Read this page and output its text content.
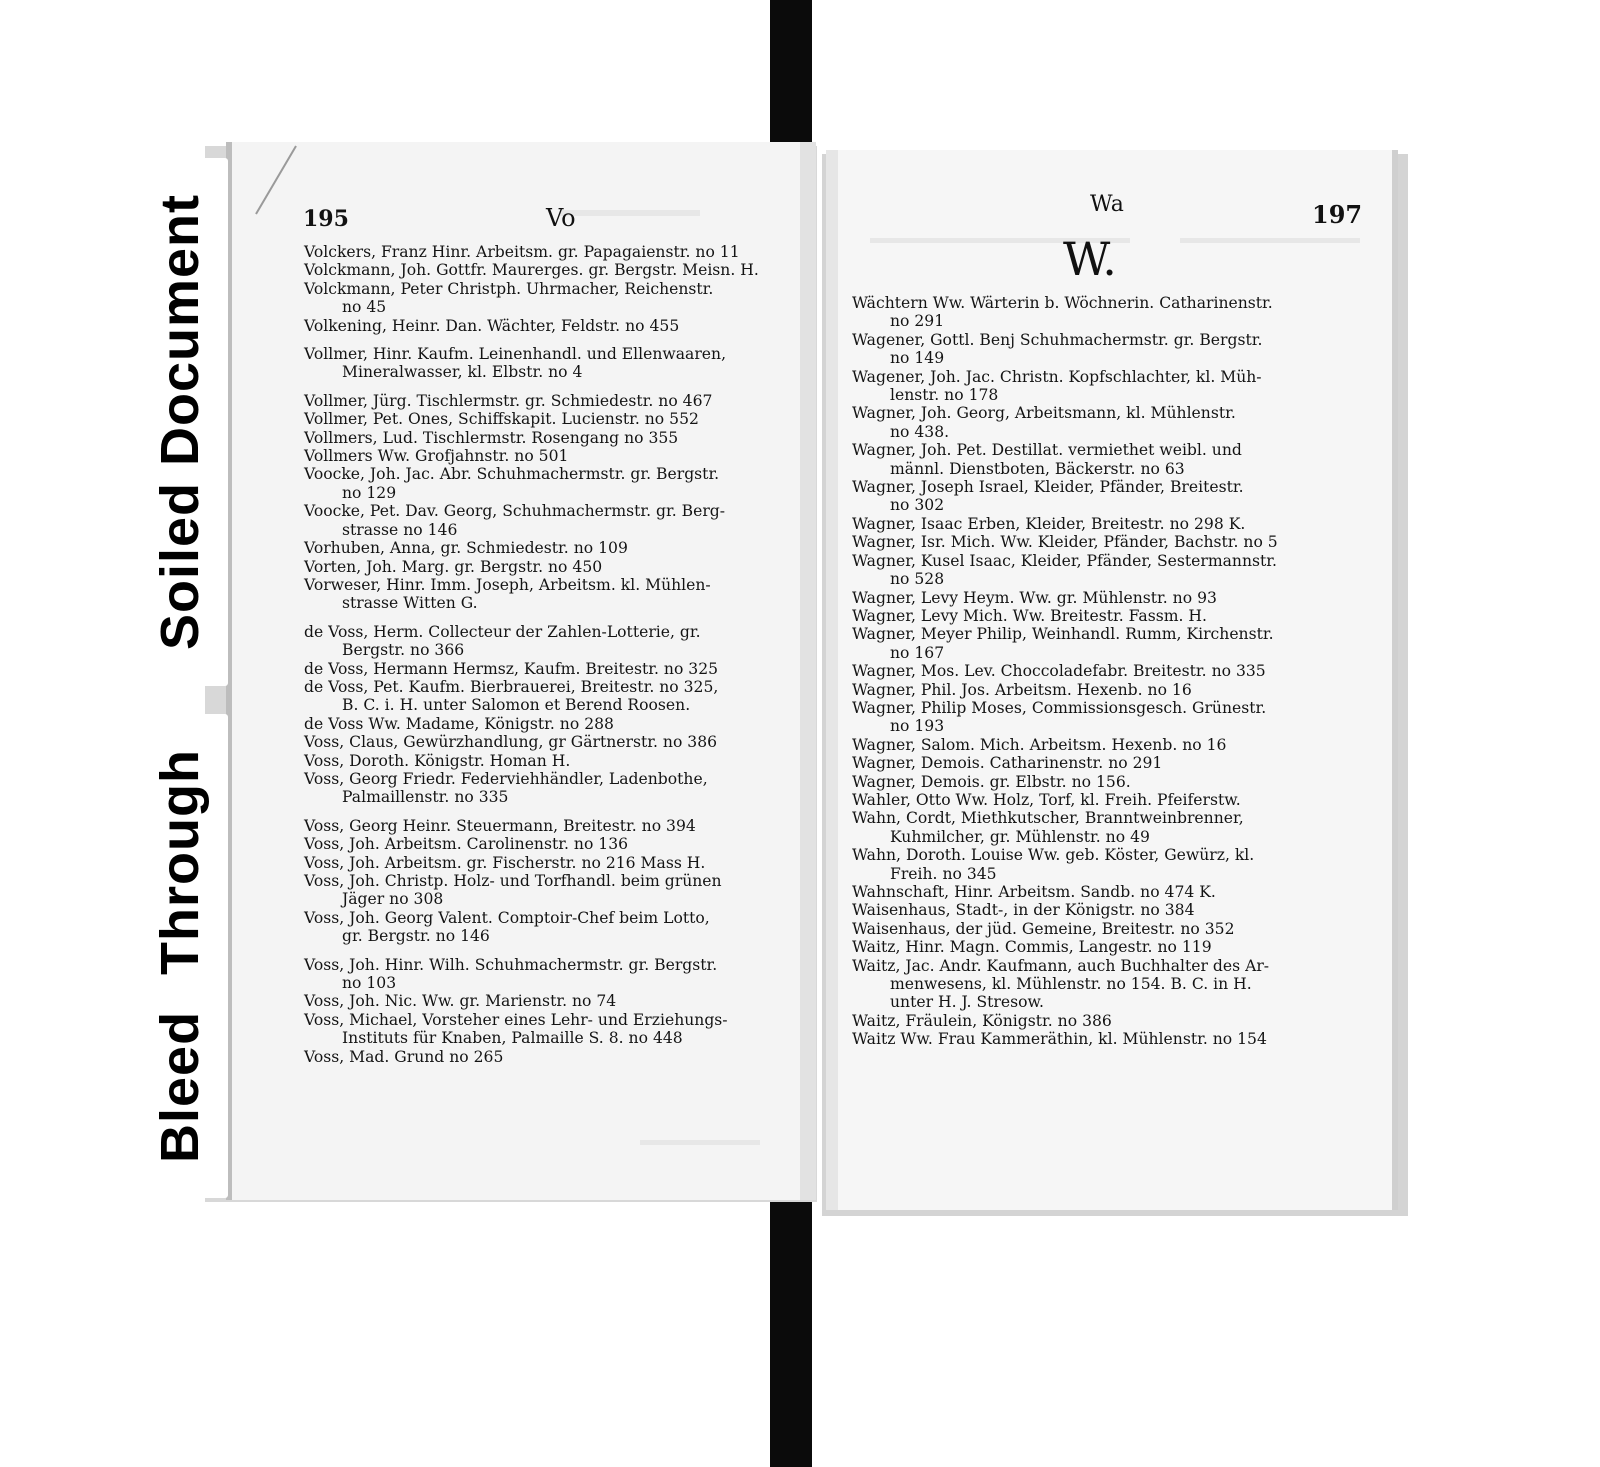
Soiled Document
Bleed Through
195	Vo	Wa	197
W.
Volckers, Franz Hinr. Arbeitsm. gr. Papagaienstr. no 11
Volckmann, Joh. Gottfr. Maurerges. gr. Bergstr. Meisn. H.
Volckmann, Peter Christph. Uhrmacher, Reichenstr.
no 45
Volkening, Heinr. Dan. Wächter, Feldstr. no 455
Vollmer, Hinr. Kaufm. Leinenhandl. und Ellenwaaren,
Mineralwasser, kl. Elbstr. no 4
Vollmer, Jürg. Tischlermstr. gr. Schmiedestr. no 467
Vollmer, Pet. Ones, Schiffskapit. Lucienstr. no 552
Vollmers, Lud. Tischlermstr. Rosengang no 355
Vollmers Ww. Grofjahnstr. no 501
Voocke, Joh. Jac. Abr. Schuhmachermstr. gr. Bergstr.
no 129
Voocke, Pet. Dav. Georg, Schuhmachermstr. gr. Berg-
strasse no 146
Vorhuben, Anna, gr. Schmiedestr. no 109
Vorten, Joh. Marg. gr. Bergstr. no 450
Vorweser, Hinr. Imm. Joseph, Arbeitsm. kl. Mühlen-
strasse Witten G.
de Voss, Herm. Collecteur der Zahlen-Lotterie, gr.
Bergstr. no 366
de Voss, Hermann Hermsz, Kaufm. Breitestr. no 325
de Voss, Pet. Kaufm. Bierbrauerei, Breitestr. no 325,
B. C. i. H. unter Salomon et Berend Roosen.
de Voss Ww. Madame, Königstr. no 288
Voss, Claus, Gewürzhandlung, gr Gärtnerstr. no 386
Voss, Doroth. Königstr. Homan H.
Voss, Georg Friedr. Federviehhändler, Ladenbothe,
Palmaillenstr. no 335
Voss, Georg Heinr. Steuermann, Breitestr. no 394
Voss, Joh. Arbeitsm. Carolinenstr. no 136
Voss, Joh. Arbeitsm. gr. Fischerstr. no 216 Mass H.
Voss, Joh. Christp. Holz- und Torfhandl. beim grünen
Jäger no 308
Voss, Joh. Georg Valent. Comptoir-Chef beim Lotto,
gr. Bergstr. no 146
Voss, Joh. Hinr. Wilh. Schuhmachermstr. gr. Bergstr.
no 103
Voss, Joh. Nic. Ww. gr. Marienstr. no 74
Voss, Michael, Vorsteher eines Lehr- und Erziehungs-
Instituts für Knaben, Palmaille S. 8. no 448
Voss, Mad. Grund no 265
Wächtern Ww. Wärterin b. Wöchnerin. Catharinenstr.
no 291
Wagener, Gottl. Benj Schuhmachermstr. gr. Bergstr.
no 149
Wagener, Joh. Jac. Christn. Kopfschlachter, kl. Müh-
lenstr. no 178
Wagner, Joh. Georg, Arbeitsmann, kl. Mühlenstr.
no 438.
Wagner, Joh. Pet. Destillat. vermiethet weibl. und
männl. Dienstboten, Bäckerstr. no 63
Wagner, Joseph Israel, Kleider, Pfänder, Breitestr.
no 302
Wagner, Isaac Erben, Kleider, Breitestr. no 298 K.
Wagner, Isr. Mich. Ww. Kleider, Pfänder, Bachstr. no 5
Wagner, Kusel Isaac, Kleider, Pfänder, Sestermannstr.
no 528
Wagner, Levy Heym. Ww. gr. Mühlenstr. no 93
Wagner, Levy Mich. Ww. Breitestr. Fassm. H.
Wagner, Meyer Philip, Weinhandl. Rumm, Kirchenstr.
no 167
Wagner, Mos. Lev. Choccoladefabr. Breitestr. no 335
Wagner, Phil. Jos. Arbeitsm. Hexenb. no 16
Wagner, Philip Moses, Commissionsgesch. Grünestr.
no 193
Wagner, Salom. Mich. Arbeitsm. Hexenb. no 16
Wagner, Demois. Catharinenstr. no 291
Wagner, Demois. gr. Elbstr. no 156.
Wahler, Otto Ww. Holz, Torf, kl. Freih. Pfeiferstw.
Wahn, Cordt, Miethkutscher, Branntweinbrenner,
Kuhmilcher, gr. Mühlenstr. no 49
Wahn, Doroth. Louise Ww. geb. Köster, Gewürz, kl.
Freih. no 345
Wahnschaft, Hinr. Arbeitsm. Sandb. no 474 K.
Waisenhaus, Stadt-, in der Königstr. no 384
Waisenhaus, der jüd. Gemeine, Breitestr. no 352
Waitz, Hinr. Magn. Commis, Langestr. no 119
Waitz, Jac. Andr. Kaufmann, auch Buchhalter des Ar-
menwesens, kl. Mühlenstr. no 154. B. C. in H.
unter H. J. Stresow.
Waitz, Fräulein, Königstr. no 386
Waitz Ww. Frau Kammeräthin, kl. Mühlenstr. no 154
